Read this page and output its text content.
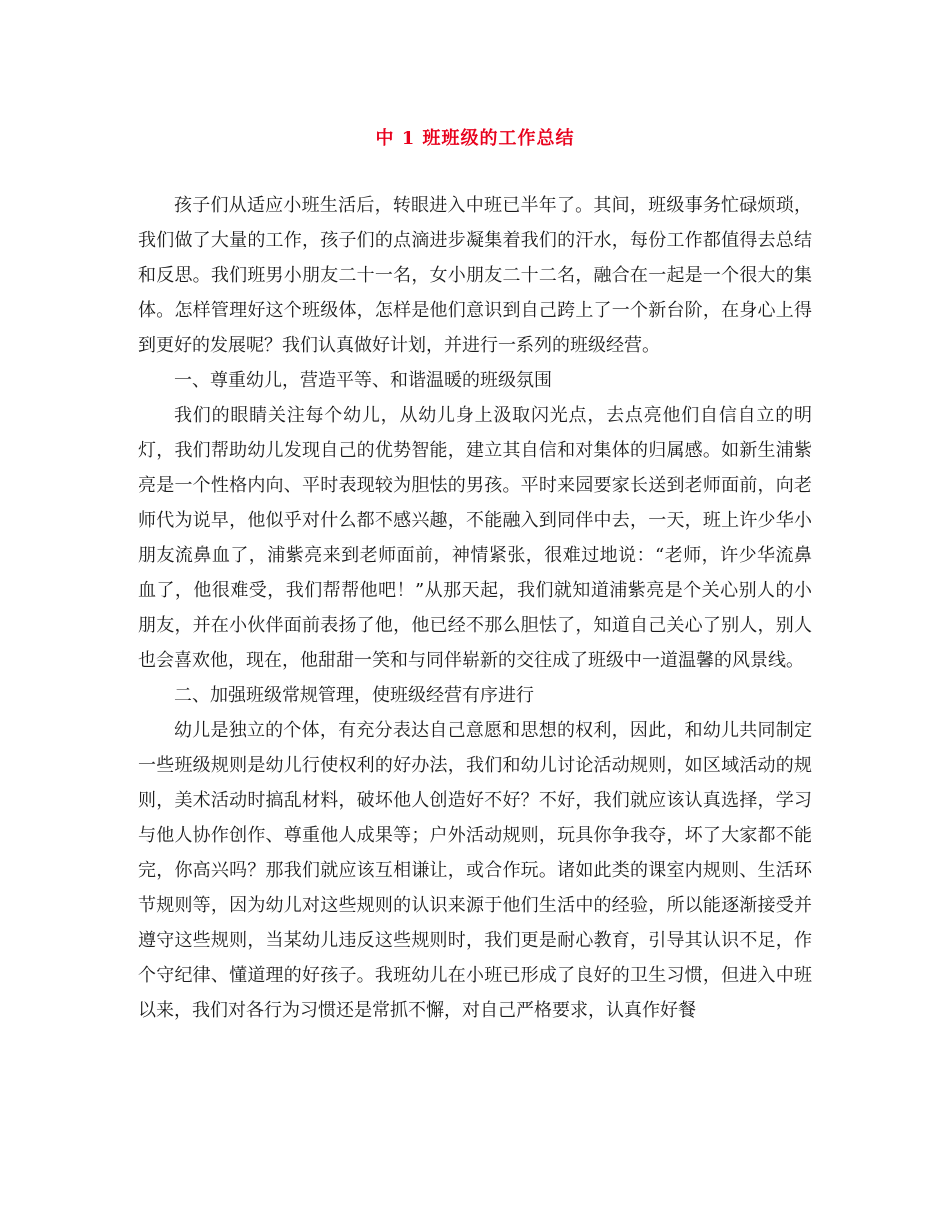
中 1 班班级的工作总结

孩子们从适应小班生活后，转眼进入中班已半年了。其间，班级事务忙碌烦琐，我们做了大量的工作，孩子们的点滴进步凝集着我们的汗水，每份工作都值得去总结和反思。我们班男小朋友二十一名，女小朋友二十二名，融合在一起是一个很大的集体。怎样管理好这个班级体，怎样是他们意识到自己跨上了一个新台阶，在身心上得到更好的发展呢？我们认真做好计划，并进行一系列的班级经营。

一、尊重幼儿，营造平等、和谐温暖的班级氛围

我们的眼睛关注每个幼儿，从幼儿身上汲取闪光点，去点亮他们自信自立的明灯，我们帮助幼儿发现自己的优势智能，建立其自信和对集体的归属感。如新生浦紫亮是一个性格内向、平时表现较为胆怯的男孩。平时来园要家长送到老师面前，向老师代为说早，他似乎对什么都不感兴趣，不能融入到同伴中去，一天，班上许少华小朋友流鼻血了，浦紫亮来到老师面前，神情紧张，很难过地说：“老师，许少华流鼻血了，他很难受，我们帮帮他吧！”从那天起，我们就知道浦紫亮是个关心别人的小朋友，并在小伙伴面前表扬了他，他已经不那么胆怯了，知道自己关心了别人，别人也会喜欢他，现在，他甜甜一笑和与同伴崭新的交往成了班级中一道温馨的风景线。

二、加强班级常规管理，使班级经营有序进行

幼儿是独立的个体，有充分表达自己意愿和思想的权利，因此，和幼儿共同制定一些班级规则是幼儿行使权利的好办法，我们和幼儿讨论活动规则，如区域活动的规则，美术活动时搞乱材料，破坏他人创造好不好？不好，我们就应该认真选择，学习与他人协作创作、尊重他人成果等；户外活动规则，玩具你争我夺，坏了大家都不能完，你高兴吗？那我们就应该互相谦让，或合作玩。诸如此类的课室内规则、生活环节规则等，因为幼儿对这些规则的认识来源于他们生活中的经验，所以能逐渐接受并遵守这些规则，当某幼儿违反这些规则时，我们更是耐心教育，引导其认识不足，作个守纪律、懂道理的好孩子。我班幼儿在小班已形成了良好的卫生习惯，但进入中班以来，我们对各行为习惯还是常抓不懈，对自己严格要求，认真作好餐
